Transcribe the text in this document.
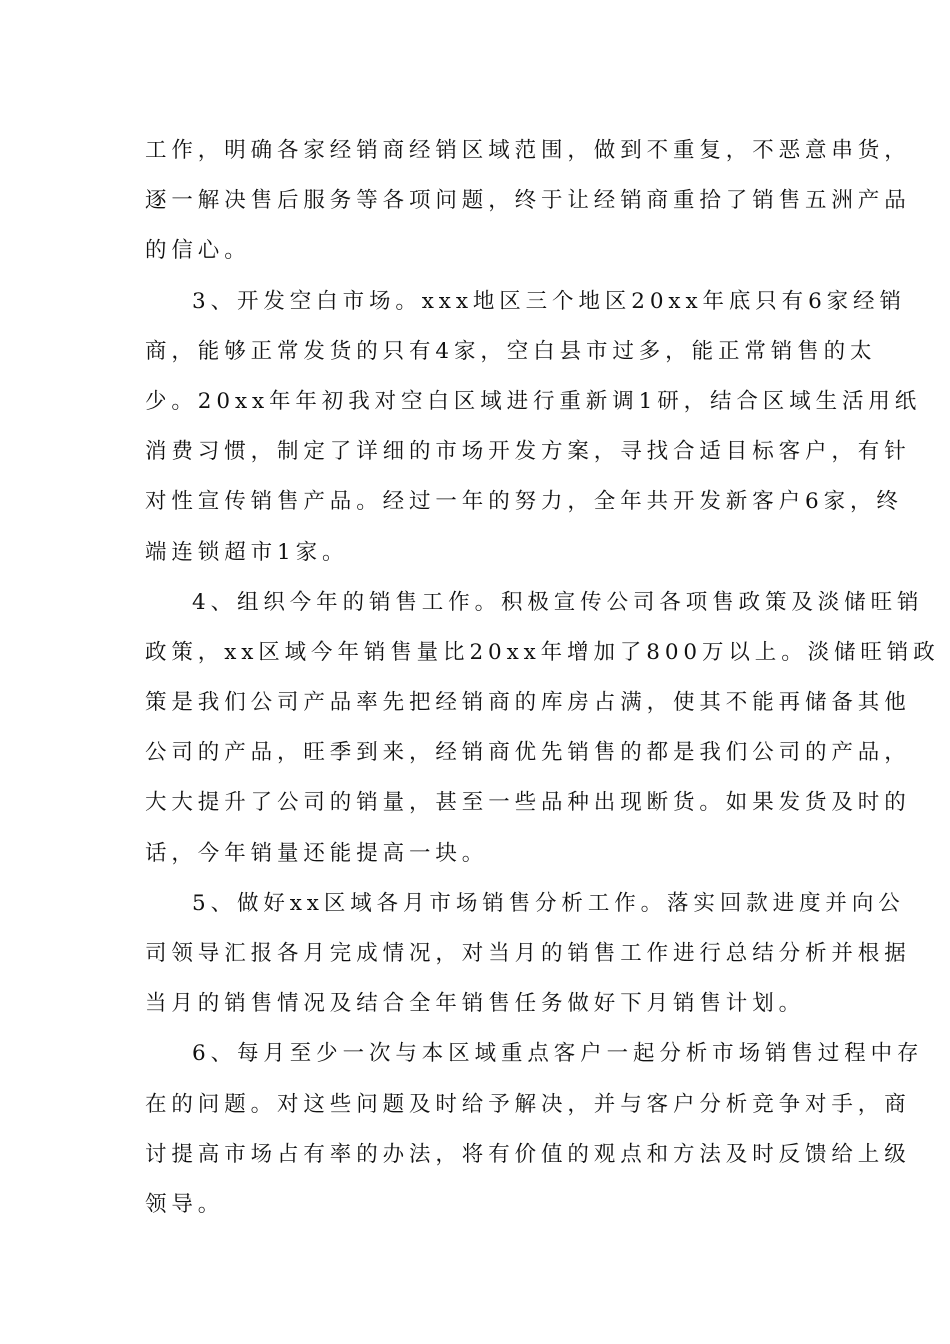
工作，明确各家经销商经销区域范围，做到不重复，不恶意串货，
逐一解决售后服务等各项问题，终于让经销商重拾了销售五洲产品
的信心。
3、开发空白市场。xxx地区三个地区20xx年底只有6家经销
商，能够正常发货的只有4家，空白县市过多，能正常销售的太
少。20xx年年初我对空白区域进行重新调1研，结合区域生活用纸
消费习惯，制定了详细的市场开发方案，寻找合适目标客户，有针
对性宣传销售产品。经过一年的努力，全年共开发新客户6家，终
端连锁超市1家。
4、组织今年的销售工作。积极宣传公司各项售政策及淡储旺销
政策，xx区域今年销售量比20xx年增加了800万以上。淡储旺销政
策是我们公司产品率先把经销商的库房占满，使其不能再储备其他
公司的产品，旺季到来，经销商优先销售的都是我们公司的产品，
大大提升了公司的销量，甚至一些品种出现断货。如果发货及时的
话，今年销量还能提高一块。
5、做好xx区域各月市场销售分析工作。落实回款进度并向公
司领导汇报各月完成情况，对当月的销售工作进行总结分析并根据
当月的销售情况及结合全年销售任务做好下月销售计划。
6、每月至少一次与本区域重点客户一起分析市场销售过程中存
在的问题。对这些问题及时给予解决，并与客户分析竞争对手，商
讨提高市场占有率的办法，将有价值的观点和方法及时反馈给上级
领导。
